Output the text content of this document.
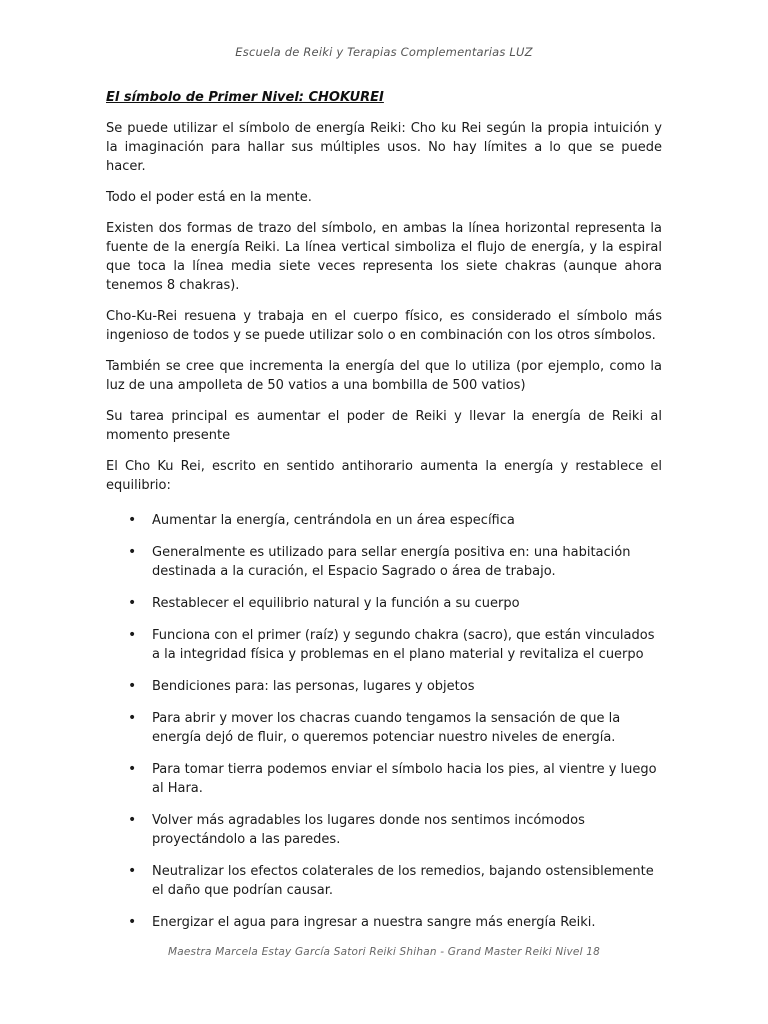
Escuela de Reiki y Terapias Complementarias LUZ
El símbolo de Primer Nivel: CHOKUREI

Se puede utilizar el símbolo de energía Reiki: Cho ku Rei según la propia intuición y la imaginación para hallar sus múltiples usos. No hay límites a lo que se puede hacer.

Todo el poder está en la mente.

Existen dos formas de trazo del símbolo, en ambas la línea horizontal representa la fuente de la energía Reiki. La línea vertical simboliza el flujo de energía, y la espiral que toca la línea media siete veces representa los siete chakras (aunque ahora tenemos 8 chakras).

Cho-Ku-Rei resuena y trabaja en el cuerpo físico, es considerado el símbolo más ingenioso de todos y se puede utilizar solo o en combinación con los otros símbolos.

También se cree que incrementa la energía del que lo utiliza (por ejemplo, como la luz de una ampolleta de 50 vatios a una bombilla de 500 vatios)

Su tarea principal es aumentar el poder de Reiki y llevar la energía de Reiki al momento presente

El Cho Ku Rei, escrito en sentido antihorario aumenta la energía y restablece el equilibrio:

• Aumentar la energía, centrándola en un área específica
• Generalmente es utilizado para sellar energía positiva en: una habitación destinada a la curación, el Espacio Sagrado o área de trabajo.
• Restablecer el equilibrio natural y la función a su cuerpo
• Funciona con el primer (raíz) y segundo chakra (sacro), que están vinculados a la integridad física y problemas en el plano material y revitaliza el cuerpo
• Bendiciones para: las personas, lugares y objetos
• Para abrir y mover los chacras cuando tengamos la sensación de que la energía dejó de fluir, o queremos potenciar nuestro niveles de energía.
• Para tomar tierra podemos enviar el símbolo hacia los pies, al vientre y luego al Hara.
• Volver más agradables los lugares donde nos sentimos incómodos proyectándolo a las paredes.
• Neutralizar los efectos colaterales de los remedios, bajando ostensiblemente el daño que podrían causar.
• Energizar el agua para ingresar a nuestra sangre más energía Reiki.
Maestra Marcela Estay García Satori Reiki Shihan - Grand Master Reiki Nivel 18
